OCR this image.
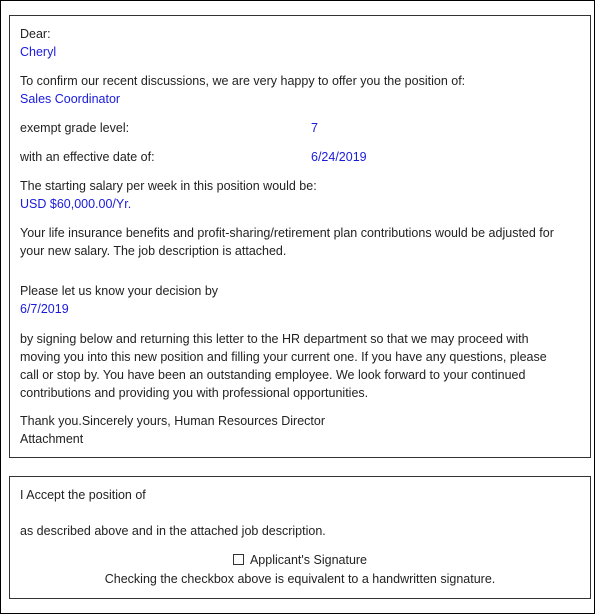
Dear:
Cheryl
To confirm our recent discussions, we are very happy to offer you the position of:
Sales Coordinator
exempt grade level:	7
with an effective date of:	6/24/2019
The starting salary per week in this position would be:
USD $60,000.00/Yr.
Your life insurance benefits and profit-sharing/retirement plan contributions would be adjusted for
your new salary. The job description is attached.
Please let us know your decision by
6/7/2019
by signing below and returning this letter to the HR department so that we may proceed with
moving you into this new position and filling your current one. If you have any questions, please
call or stop by. You have been an outstanding employee. We look forward to your continued
contributions and providing you with professional opportunities.
Thank you.Sincerely yours, Human Resources Director
Attachment
I Accept the position of
as described above and in the attached job description.
Applicant's Signature
Checking the checkbox above is equivalent to a handwritten signature.
